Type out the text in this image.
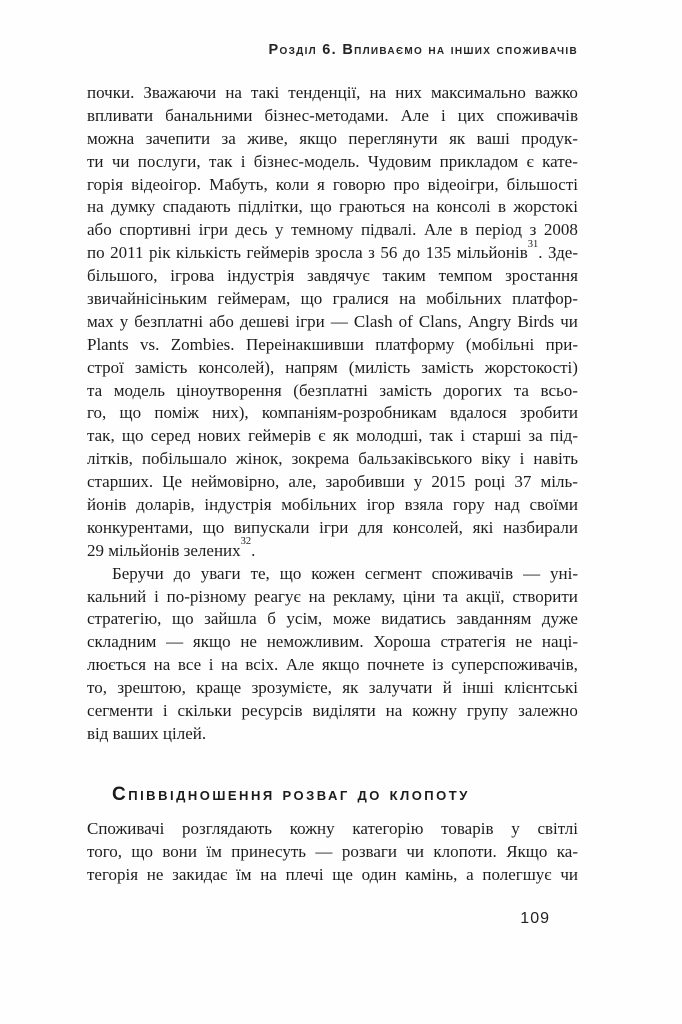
Розділ 6. Впливаємо на інших споживачів
почки. Зважаючи на такі тенденції, на них максимально важко
впливати банальними бізнес-методами. Але і цих споживачів
можна зачепити за живе, якщо переглянути як ваші продук-
ти чи послуги, так і бізнес-модель. Чудовим прикладом є кате-
горія відеоігор. Мабуть, коли я говорю про відеоігри, більшості
на думку спадають підлітки, що граються на консолі в жорстокі
або спортивні ігри десь у темному підвалі. Але в період з 2008
по 2011 рік кількість геймерів зросла з 56 до 135 мільйонів$^{31}$. Зде-
більшого, ігрова індустрія завдячує таким темпом зростання
звичайнісіньким геймерам, що гралися на мобільних платфор-
мах у безплатні або дешеві ігри — Clash of Clans, Angry Birds чи
Plants vs. Zombies. Переінакшивши платформу (мобільні при-
строї замість консолей), напрям (милість замість жорстокості)
та модель ціноутворення (безплатні замість дорогих та всьо-
го, що поміж них), компаніям-розробникам вдалося зробити
так, що серед нових геймерів є як молодші, так і старші за під-
літків, побільшало жінок, зокрема бальзаківського віку і навіть
старших. Це неймовірно, але, заробивши у 2015 році 37 міль-
йонів доларів, індустрія мобільних ігор взяла гору над своїми
конкурентами, що випускали ігри для консолей, які назбирали
29 мільйонів зелених$^{32}$.
Беручи до уваги те, що кожен сегмент споживачів — уні-
кальний і по-різному реагує на рекламу, ціни та акції, створити
стратегію, що зайшла б усім, може видатись завданням дуже
складним — якщо не неможливим. Хороша стратегія не наці-
люється на все і на всіх. Але якщо почнете із суперспоживачів,
то, зрештою, краще зрозумієте, як залучати й інші клієнтські
сегменти і скільки ресурсів виділяти на кожну групу залежно
від ваших цілей.
Співвідношення розваг до клопоту
Споживачі розглядають кожну категорію товарів у світлі
того, що вони їм принесуть — розваги чи клопоти. Якщо ка-
тегорія не закидає їм на плечі ще один камінь, а полегшує чи
109
